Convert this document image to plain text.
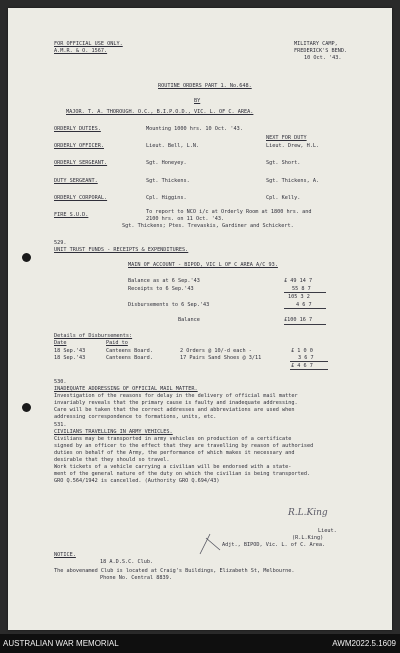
FOR OFFICIAL USE ONLY.
A.M.R. & O. 1567.
MILITARY CAMP,
FREDERICK'S BEND.
10 Oct. '43.
ROUTINE ORDERS PART 1. No.648.
BY
MAJOR. T. A. THOROUGH. O.C., B.I.P.O.D., VIC. L. OF C. AREA.
NEXT FOR DUTY
ORDERLY DUTIES.	Mounting 1000 hrs. 10 Oct. '43.
ORDERLY OFFICER.	Lieut. Bell, L.N.	Lieut. Drew, H.L.
ORDERLY SERGEANT.	Sgt. Honeyey.	Sgt. Short.
DUTY SERGEANT.	Sgt. Thickens.	Sgt. Thickens, A.
ORDERLY CORPORAL.	Cpl. Higgins.	Cpl. Kelly.
FIRE S.U.D.	To report to NCO i/c at Orderly Room at 1800 hrs. and
2100 hrs. on 11 Oct. '43.
Sgt. Thickens; Ptes. Trevaskis, Gardiner and Schickert.
529.
UNIT TRUST FUNDS - RECEIPTS & EXPENDITURES.
MAIN OF ACCOUNT - BIPOD, VIC L OF C AREA A/C 93.
Balance as at 6 Sep.'43	£ 49 14 7
Receipts to 6 Sep.'43	55 8 7
105 3 2
Disbursements to 6 Sep.'43	4 6 7
Balance	£100 16 7
Details of Disbursements:
Date	Paid to
18 Sep.'43	Canteens Board.	2 Orders @ 10/-d each -	£ 1 0 0
18 Sep.'43	Canteens Board.	17 Pairs Sand Shoes @ 3/11	3 6 7
£ 4 6 7
530.
INADEQUATE ADDRESSING OF OFFICIAL MAIL MATTER.
Investigation of the reasons for delay in the delivery of official mail matter
invariably reveals that the primary cause is faulty and inadequate addressing.
Care will be taken that the correct addresses and abbreviations are used when
addressing correspondence to formations, units, etc.
531.
CIVILIANS TRAVELLING IN ARMY VEHICLES.
Civilians may be transported in army vehicles on production of a certificate
signed by an officer to the effect that they are travelling by reason of authorised
duties on behalf of the Army, the performance of which makes it necessary and
desirable that they should so travel.
Work tickets of a vehicle carrying a civilian will be endorsed with a state-
ment of the general nature of the duty on which the civilian is being transported.
GRO Q.564/1942 is cancelled. (Authority GRO Q.694/43)
R.L.King
Lieut.
(R.L.King)
Adjt., BIPOD, Vic. L. of C. Area.
NOTICE.
18 A.D.S.C. Club.
The abovenamed Club is located at Craig's Buildings, Elizabeth St, Melbourne.
Phone No. Central 8839.
AUSTRALIAN WAR MEMORIAL	AWM2022.5.1609
